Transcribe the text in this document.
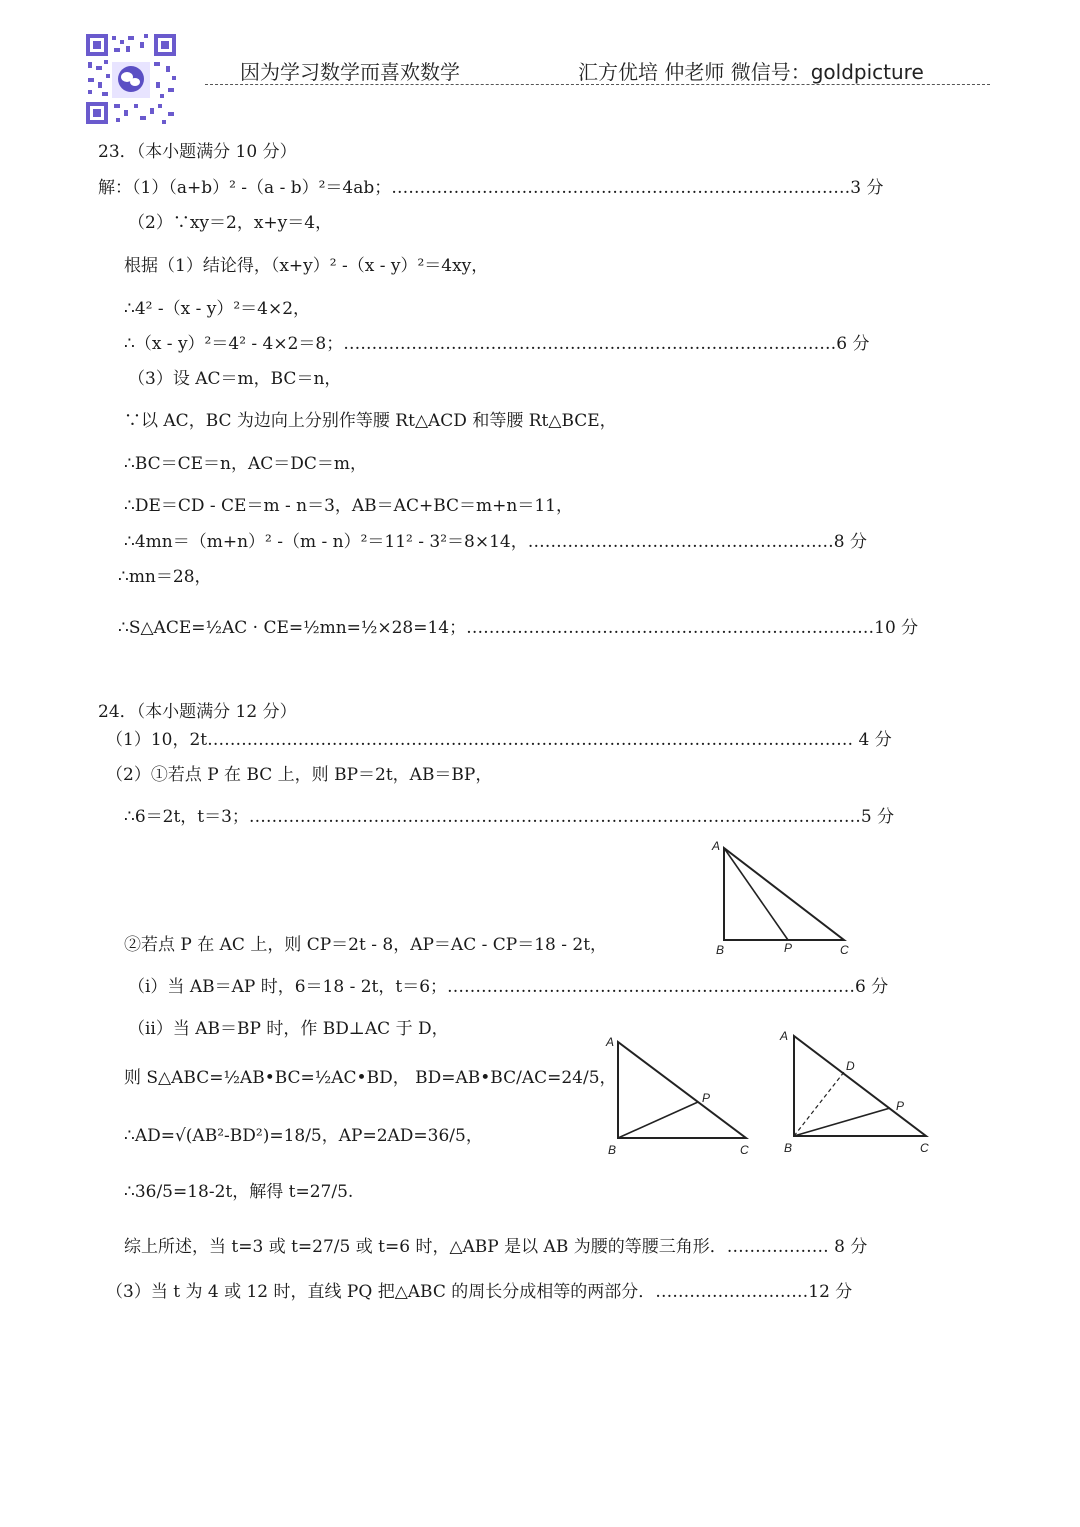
因为学习数学而喜欢数学	汇方优培 仲老师 微信号：goldpicture
23．（本小题满分 10 分）
解：（1）（a+b）² -（a - b）²＝4ab；………………………………………………………………………3 分
（2）∵xy＝2，x+y＝4，
根据（1）结论得，（x+y）² -（x - y）²＝4xy，
∴4² -（x - y）²＝4×2，
∴（x - y）²＝4² - 4×2＝8；……………………………………………………………………………6 分
（3）设 AC＝m，BC＝n，
∵以 AC，BC 为边向上分别作等腰 Rt△ACD 和等腰 Rt△BCE，
∴BC＝CE＝n，AC＝DC＝m，
∴DE＝CD - CE＝m - n＝3，AB＝AC+BC＝m+n＝11，
∴4mn＝（m+n）² -（m - n）²＝11² - 3²＝8×14，………………………………………………8 分
∴mn＝28，
∴S△ACE=½AC · CE=½mn=½×28=14；………………………………………………………………10 分
24．（本小题满分 12 分）
（1）10，2t…………………………………………………………………………………………………… 4 分
（2）①若点 P 在 BC 上，则 BP＝2t，AB＝BP，
∴6＝2t，t＝3；………………………………………………………………………………………………5 分
②若点 P 在 AC 上，则 CP＝2t - 8，AP＝AC - CP＝18 - 2t，
（i）当 AB＝AP 时，6＝18 - 2t，t＝6；………………………………………………………………6 分
（ii）当 AB＝BP 时，作 BD⊥AC 于 D，
则 S△ABC=½AB•BC=½AC•BD， BD=AB•BC/AC=24/5，
∴AD=√(AB²-BD²)=18/5，AP=2AD=36/5，
∴36/5=18-2t，解得 t=27/5.
综上所述，当 t=3 或 t=27/5 或 t=6 时，△ABP 是以 AB 为腰的等腰三角形．……………… 8 分
（3）当 t 为 4 或 12 时，直线 PQ 把△ABC 的周长分成相等的两部分．………………………12 分
A
B	P	C
A
B
P
C
A
B
D
P
C
